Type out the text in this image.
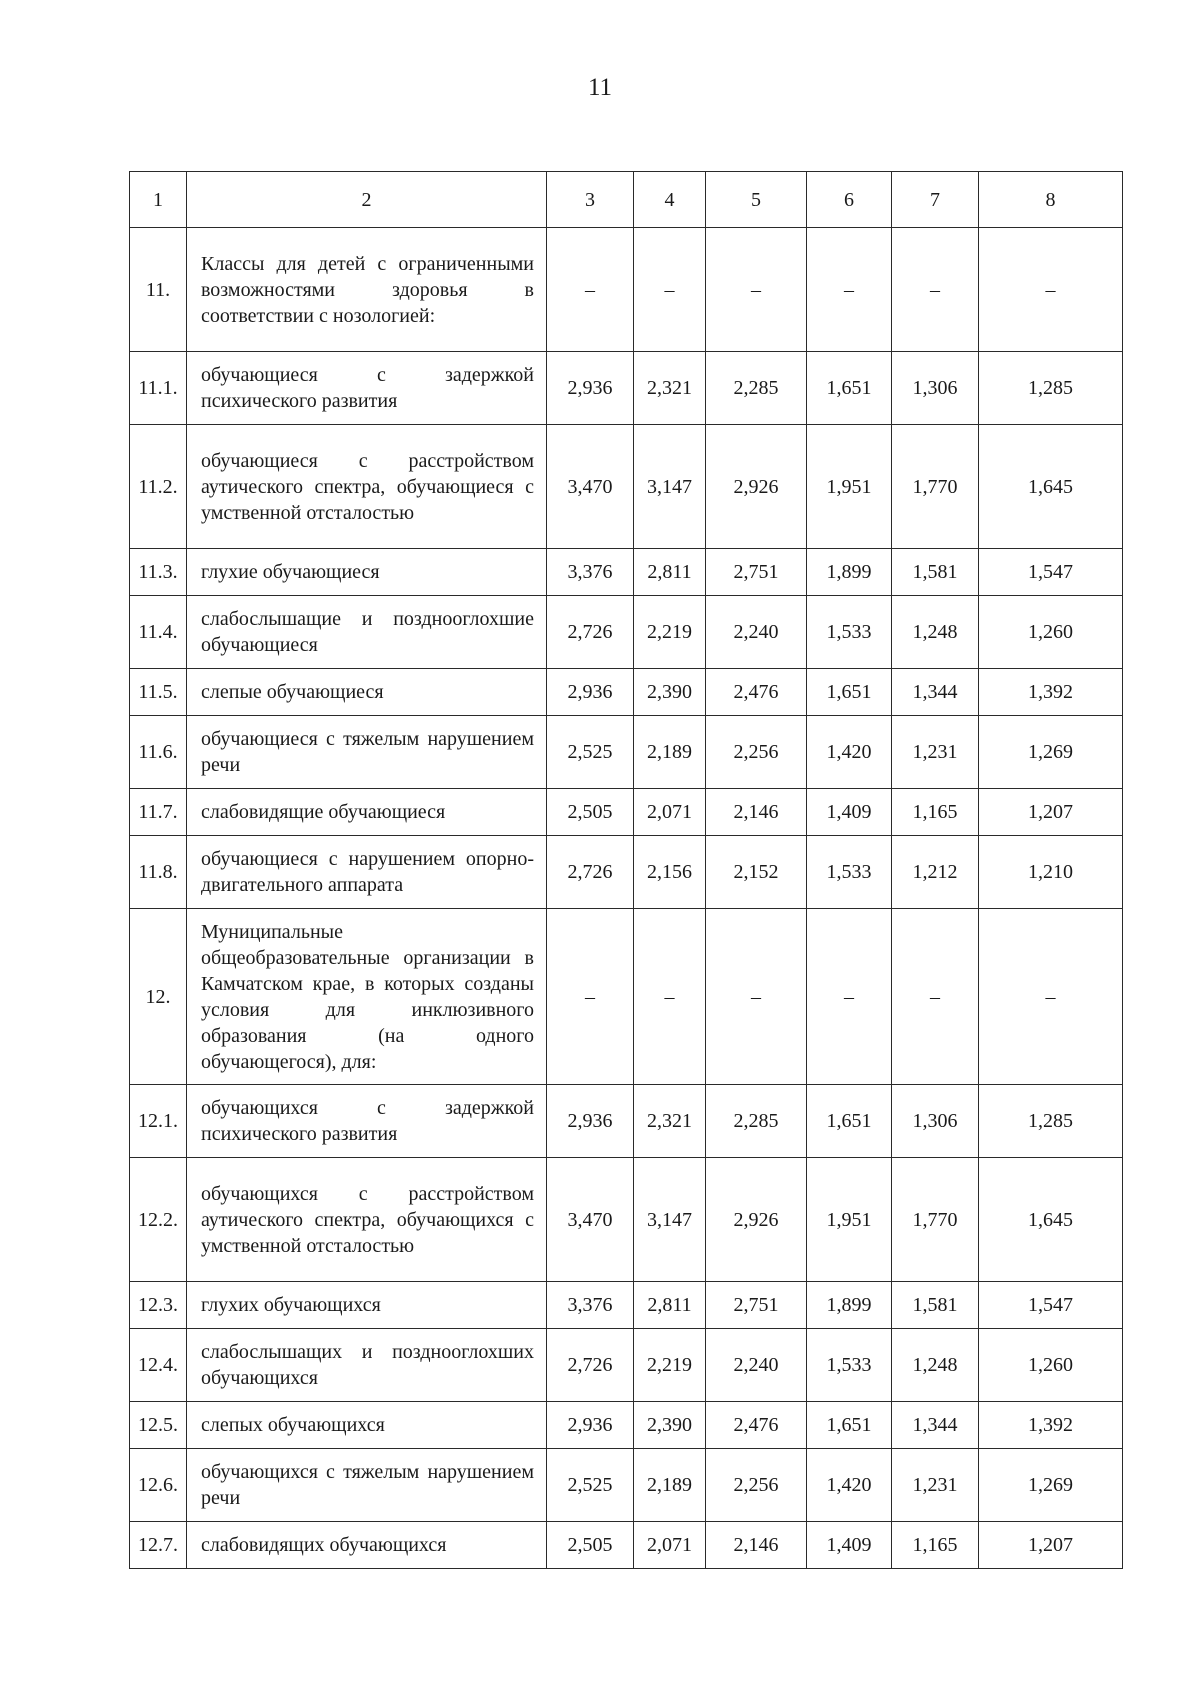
11
1	2	3	4	5	6	7	8
11.	Классы для детей с ограниченными возможностями здоровья в соответствии с нозологией:	–	–	–	–	–	–
11.1.	обучающиеся с задержкой психического развития	2,936	2,321	2,285	1,651	1,306	1,285
11.2.	обучающиеся с расстройством аутического спектра, обучающиеся с умственной отсталостью	3,470	3,147	2,926	1,951	1,770	1,645
11.3.	глухие обучающиеся	3,376	2,811	2,751	1,899	1,581	1,547
11.4.	слабослышащие и позднооглохшие обучающиеся	2,726	2,219	2,240	1,533	1,248	1,260
11.5.	слепые обучающиеся	2,936	2,390	2,476	1,651	1,344	1,392
11.6.	обучающиеся с тяжелым нарушением речи	2,525	2,189	2,256	1,420	1,231	1,269
11.7.	слабовидящие обучающиеся	2,505	2,071	2,146	1,409	1,165	1,207
11.8.	обучающиеся с нарушением опорно-двигательного аппарата	2,726	2,156	2,152	1,533	1,212	1,210
12.	Муниципальные общеобразовательные организации в Камчатском крае, в которых созданы условия для инклюзивного образования (на одного обучающегося), для:	–	–	–	–	–	–
12.1.	обучающихся с задержкой психического развития	2,936	2,321	2,285	1,651	1,306	1,285
12.2.	обучающихся с расстройством аутического спектра, обучающихся с умственной отсталостью	3,470	3,147	2,926	1,951	1,770	1,645
12.3.	глухих обучающихся	3,376	2,811	2,751	1,899	1,581	1,547
12.4.	слабослышащих и позднооглохших обучающихся	2,726	2,219	2,240	1,533	1,248	1,260
12.5.	слепых обучающихся	2,936	2,390	2,476	1,651	1,344	1,392
12.6.	обучающихся с тяжелым нарушением речи	2,525	2,189	2,256	1,420	1,231	1,269
12.7.	слабовидящих обучающихся	2,505	2,071	2,146	1,409	1,165	1,207
